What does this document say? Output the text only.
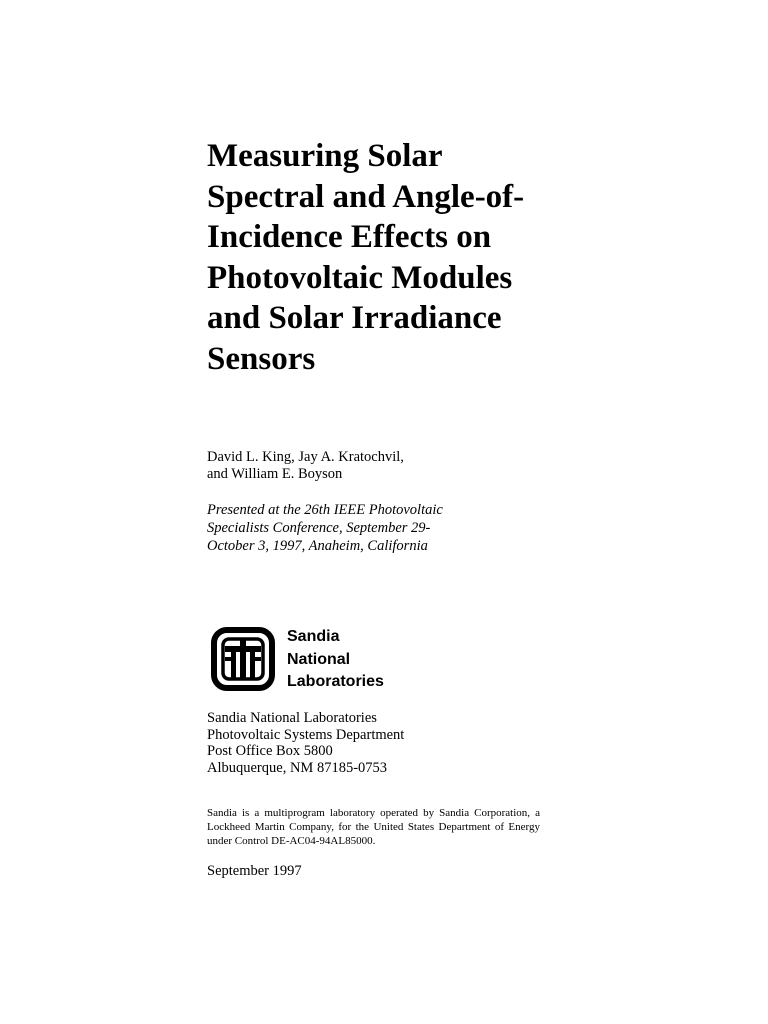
Measuring Solar
Spectral and Angle-of-
Incidence Effects on
Photovoltaic Modules
and Solar Irradiance
Sensors
David L. King, Jay A. Kratochvil,
and William E. Boyson
Presented at the 26th IEEE Photovoltaic
Specialists Conference, September 29-
October 3, 1997, Anaheim, California
Sandia
National
Laboratories
Sandia National Laboratories
Photovoltaic Systems Department
Post Office Box 5800
Albuquerque, NM 87185-0753
Sandia is a multiprogram laboratory operated by Sandia Corporation, a
Lockheed Martin Company, for the United States Department of Energy
under Control DE-AC04-94AL85000.
September 1997
